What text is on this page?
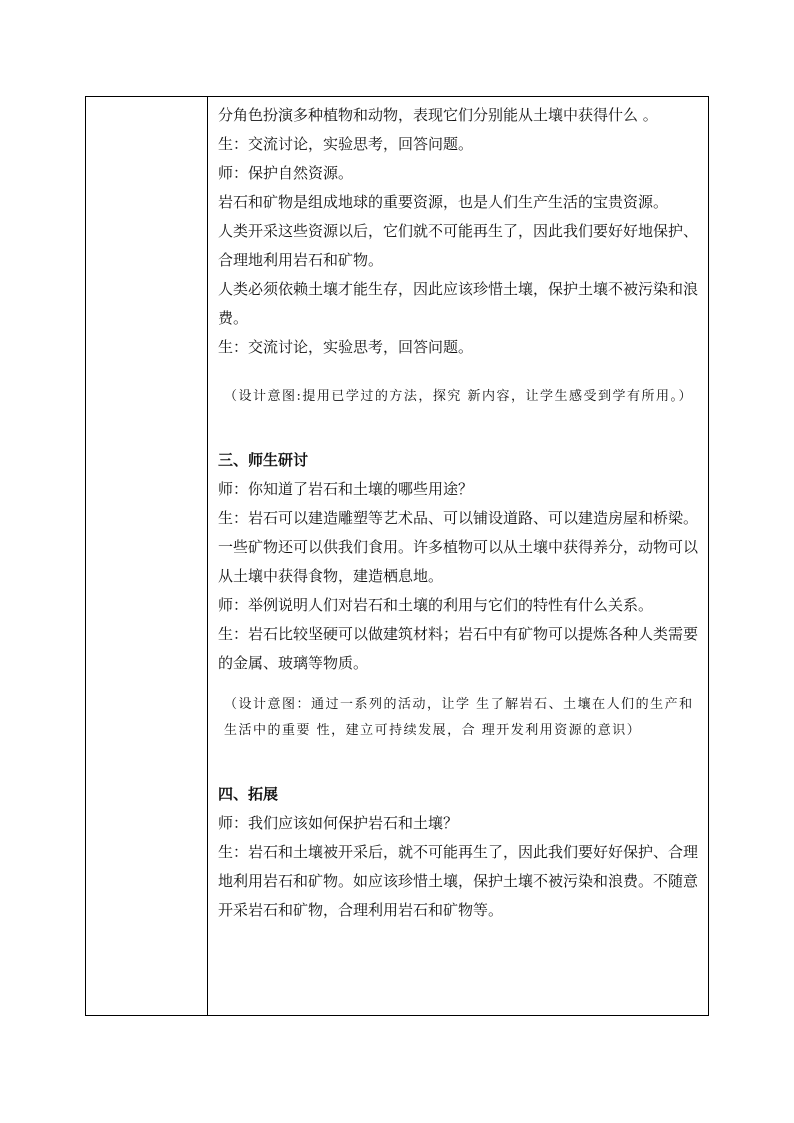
分角色扮演多种植物和动物，表现它们分别能从土壤中获得什么 。

生：交流讨论，实验思考，回答问题。

师：保护自然资源。

岩石和矿物是组成地球的重要资源，也是人们生产生活的宝贵资源。

人类开采这些资源以后，它们就不可能再生了，因此我们要好好地保护、合理地利用岩石和矿物。

人类必须依赖土壤才能生存，因此应该珍惜土壤，保护土壤不被污染和浪费。

生：交流讨论，实验思考，回答问题。

（设计意图:提用已学过的方法，探究 新内容，让学生感受到学有所用。）

三、师生研讨

师：你知道了岩石和土壤的哪些用途？

生：岩石可以建造雕塑等艺术品、可以铺设道路、可以建造房屋和桥梁。一些矿物还可以供我们食用。许多植物可以从土壤中获得养分，动物可以从土壤中获得食物，建造栖息地。

师：举例说明人们对岩石和土壤的利用与它们的特性有什么关系。

生：岩石比较坚硬可以做建筑材料；岩石中有矿物可以提炼各种人类需要的金属、玻璃等物质。

（设计意图：通过一系列的活动，让学 生了解岩石、土壤在人们的生产和生活中的重要 性，建立可持续发展，合 理开发利用资源的意识）

四、拓展

师：我们应该如何保护岩石和土壤？

生：岩石和土壤被开采后，就不可能再生了，因此我们要好好保护、合理地利用岩石和矿物。如应该珍惜土壤，保护土壤不被污染和浪费。不随意开采岩石和矿物，合理利用岩石和矿物等。
